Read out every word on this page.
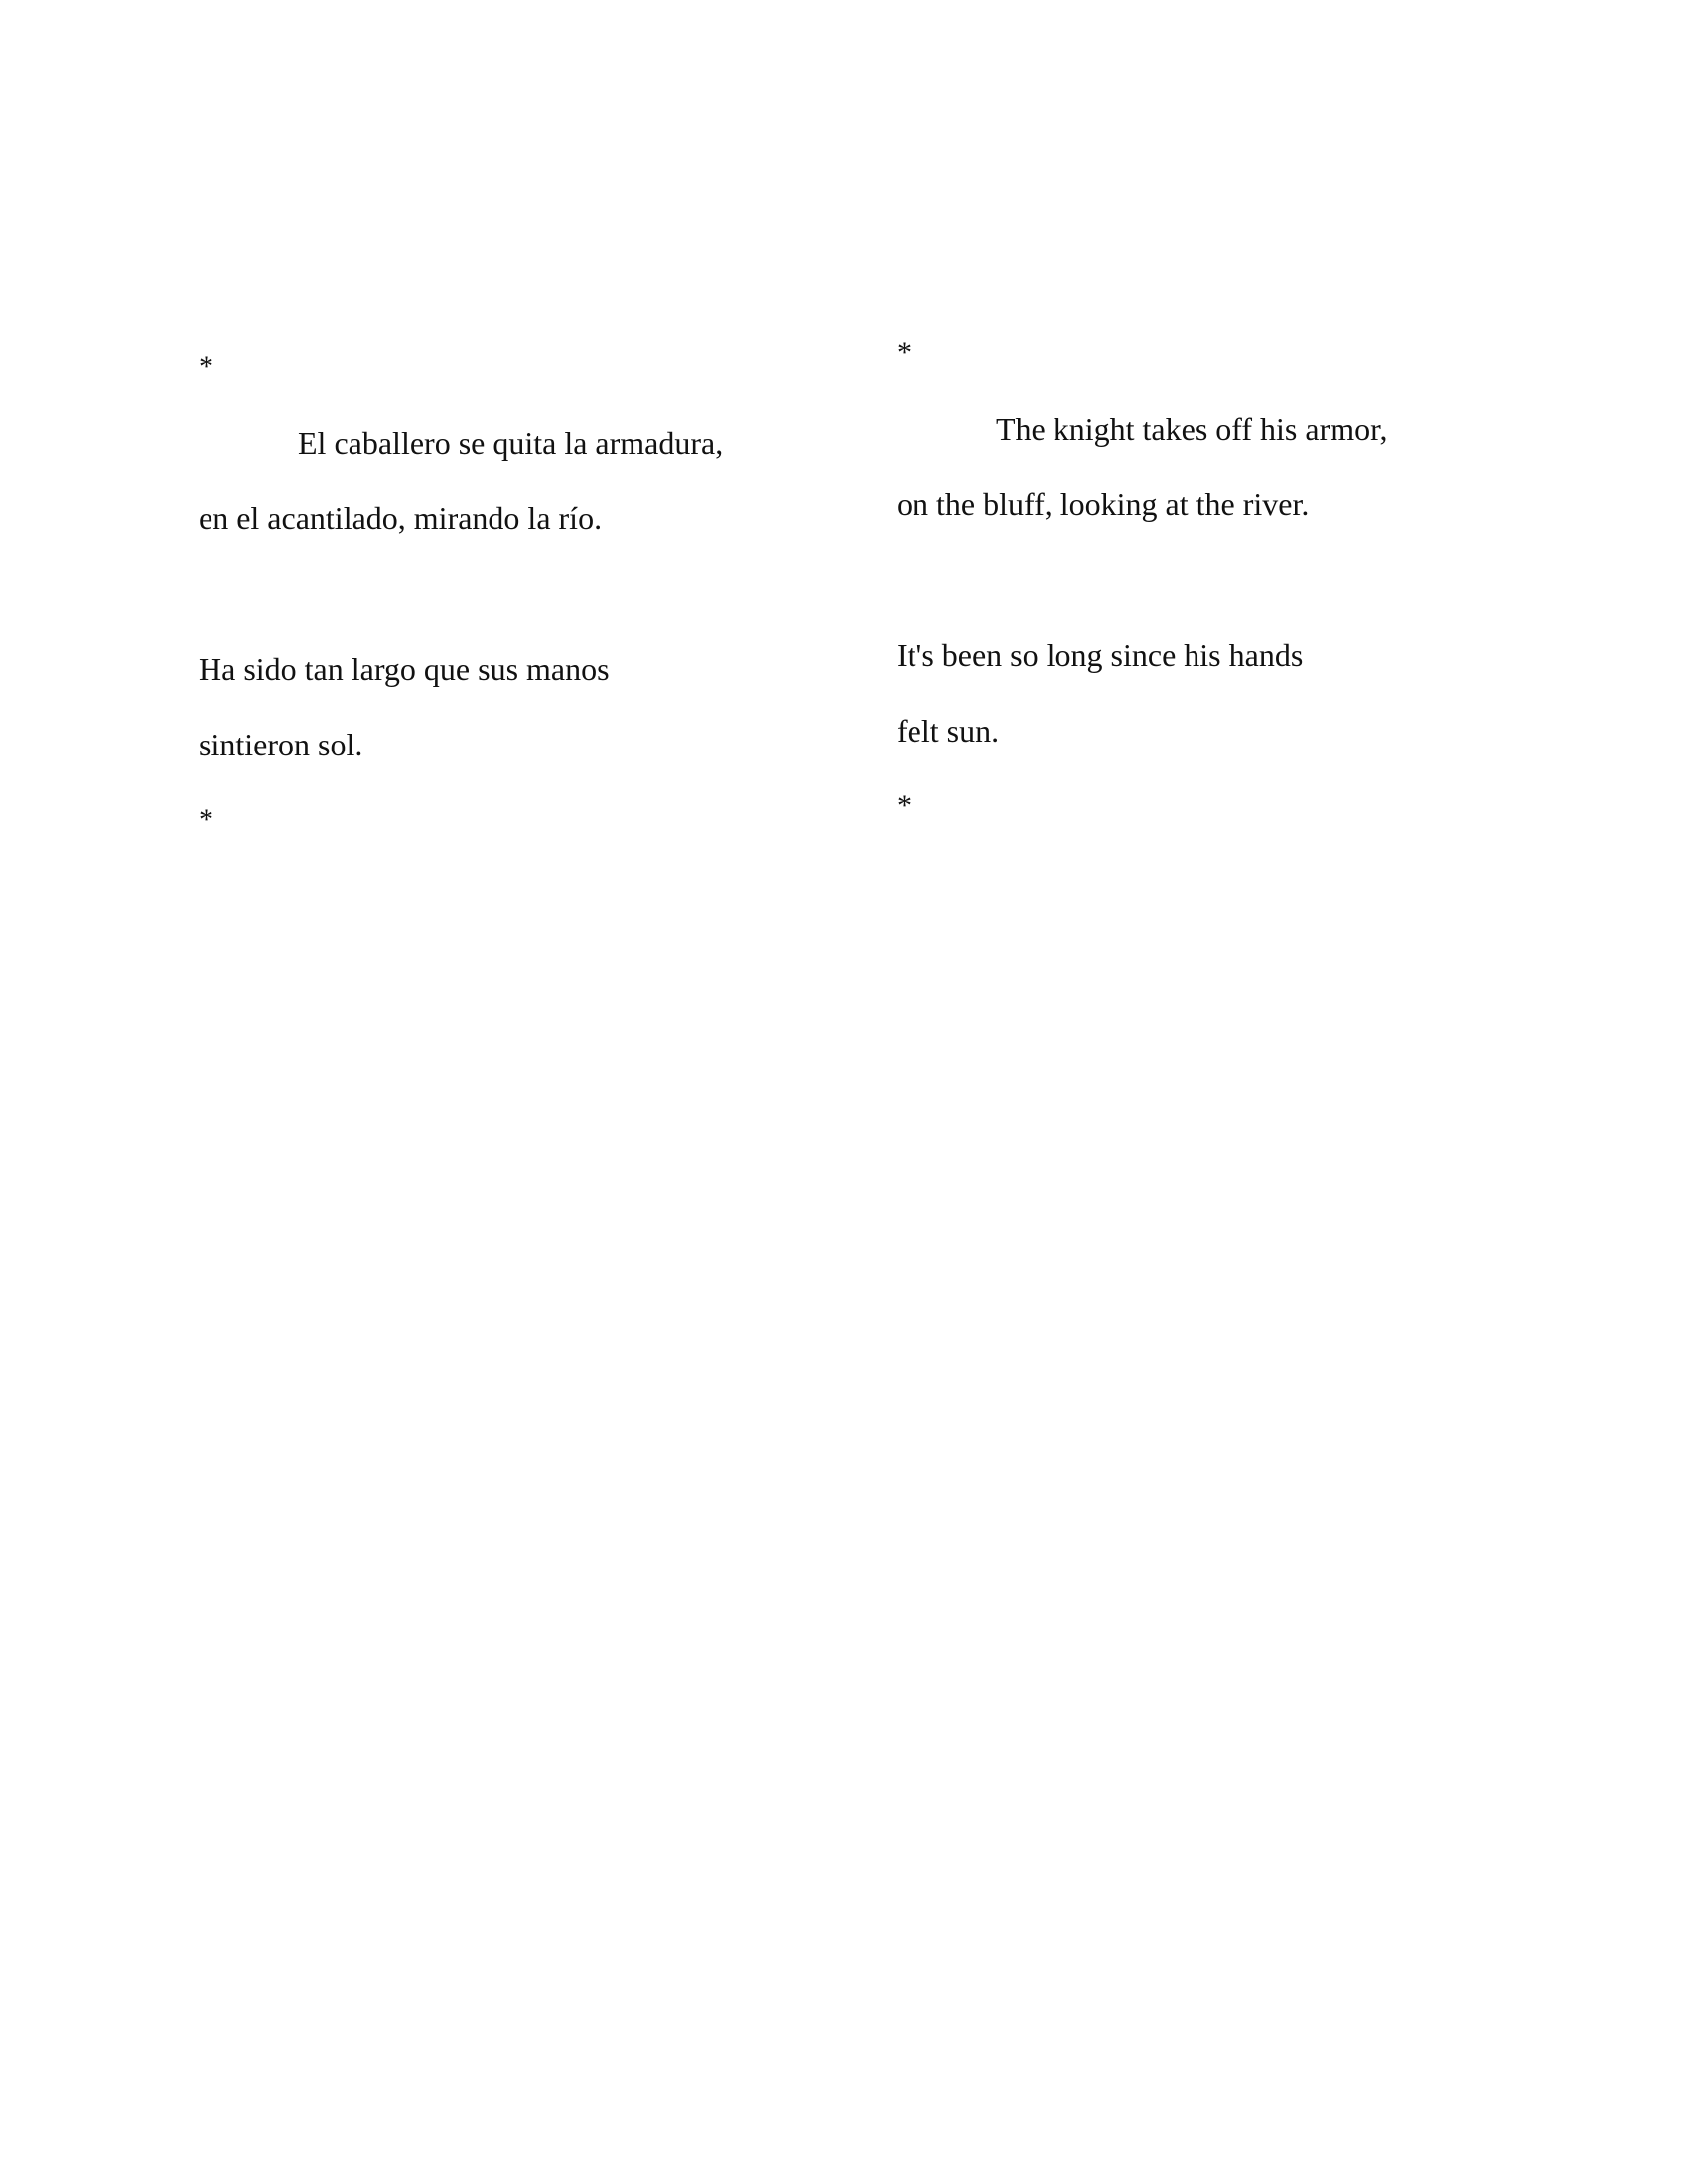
*
El caballero se quita la armadura,
en el acantilado, mirando la río.
Ha sido tan largo que sus manos
sintieron sol.
*
*
The knight takes off his armor,
on the bluff, looking at the river.
It's been so long since his hands
felt sun.
*
